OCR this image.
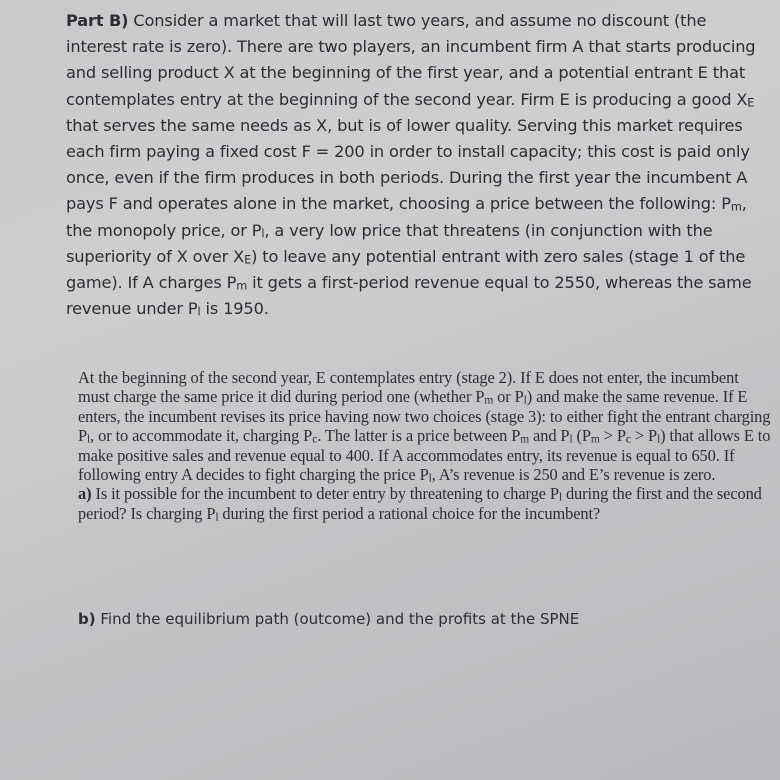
Part B) Consider a market that will last two years, and assume no discount (the interest rate is zero). There are two players, an incumbent firm A that starts producing and selling product X at the beginning of the first year, and a potential entrant E that contemplates entry at the beginning of the second year. Firm E is producing a good $X_E$ that serves the same needs as X, but is of lower quality. Serving this market requires each firm paying a fixed cost F = 200 in order to install capacity; this cost is paid only once, even if the firm produces in both periods. During the first year the incumbent A pays F and operates alone in the market, choosing a price between the following: $P_m$, the monopoly price, or $P_l$, a very low price that threatens (in conjunction with the superiority of X over $X_E$) to leave any potential entrant with zero sales (stage 1 of the game). If A charges $P_m$ it gets a first-period revenue equal to 2550, whereas the same revenue under $P_l$ is 1950.
At the beginning of the second year, E contemplates entry (stage 2). If E does not enter, the incumbent must charge the same price it did during period one (whether $P_m$ or $P_l$) and make the same revenue. If E enters, the incumbent revises its price having now two choices (stage 3): to either fight the entrant charging $P_l$, or to accommodate it, charging $P_c$. The latter is a price between $P_m$ and $P_l$ $(P_m > P_c > P_l)$ that allows E to make positive sales and revenue equal to 400. If A accommodates entry, its revenue is equal to 650. If following entry A decides to fight charging the price $P_l$, A’s revenue is 250 and E’s revenue is zero.
a) Is it possible for the incumbent to deter entry by threatening to charge $P_l$ during the first and the second period? Is charging $P_l$ during the first period a rational choice for the incumbent?
b) Find the equilibrium path (outcome) and the profits at the SPNE
